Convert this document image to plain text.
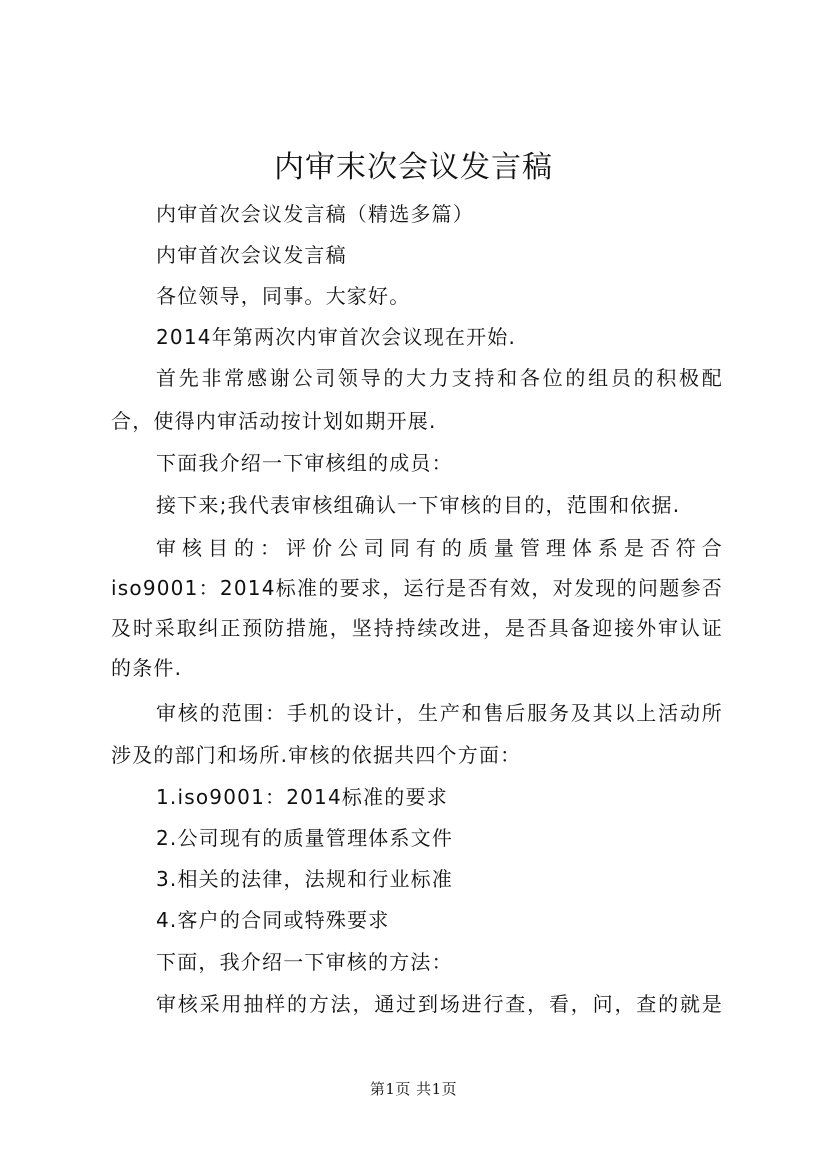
内审末次会议发言稿
内审首次会议发言稿（精选多篇）
内审首次会议发言稿
各位领导，同事。大家好。
2014年第两次内审首次会议现在开始.
首先非常感谢公司领导的大力支持和各位的组员的积极配
合，使得内审活动按计划如期开展.
下面我介绍一下审核组的成员：
接下来;我代表审核组确认一下审核的目的，范围和依据.
审核目的：评价公司同有的质量管理体系是否符合
iso9001：2014标准的要求，运行是否有效，对发现的问题参否
及时采取纠正预防措施，坚持持续改进，是否具备迎接外审认证
的条件.
审核的范围：手机的设计，生产和售后服务及其以上活动所
涉及的部门和场所.审核的依据共四个方面：
1.iso9001：2014标准的要求
2.公司现有的质量管理体系文件
3.相关的法律，法规和行业标准
4.客户的合同或特殊要求
下面，我介绍一下审核的方法：
审核采用抽样的方法，通过到场进行查，看，问，查的就是
第1页 共1页
